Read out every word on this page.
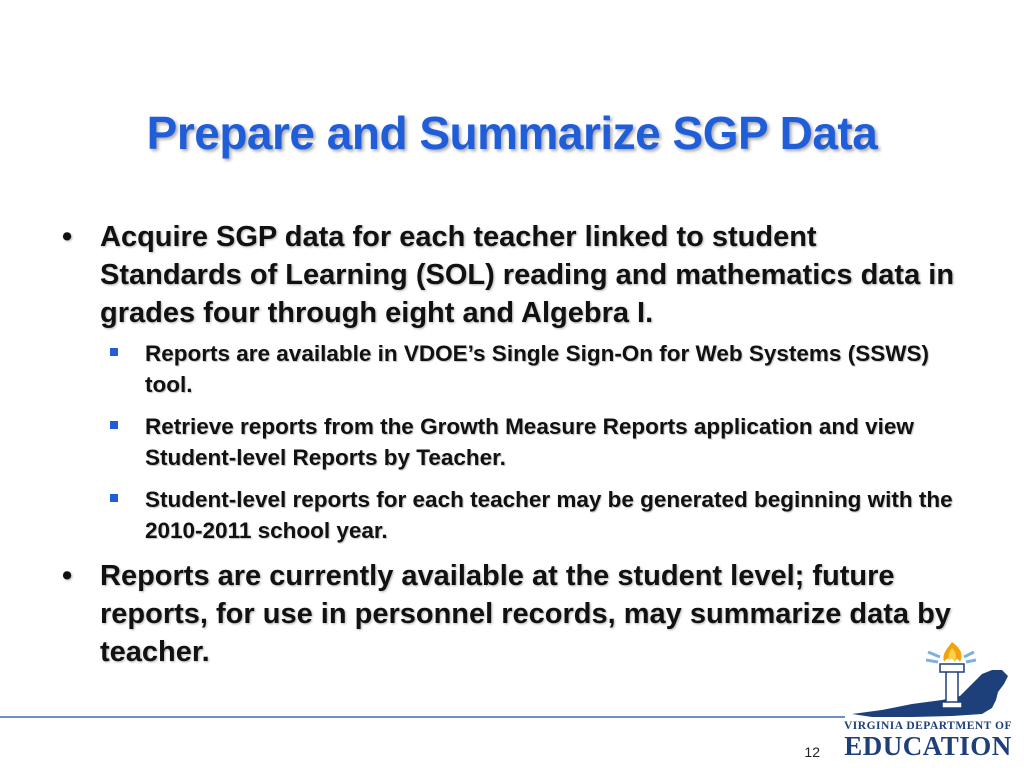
Prepare and Summarize SGP Data
• Acquire SGP data for each teacher linked to student Standards of Learning (SOL) reading and mathematics data in grades four through eight and Algebra I.
Reports are available in VDOE’s Single Sign-On for Web Systems (SSWS) tool.
Retrieve reports from the Growth Measure Reports application and view Student-level Reports by Teacher.
Student-level reports for each teacher may be generated beginning with the 2010-2011 school year.
• Reports are currently available at the student level; future reports, for use in personnel records, may summarize data by teacher.
12
VIRGINIA DEPARTMENT OF
EDUCATION
